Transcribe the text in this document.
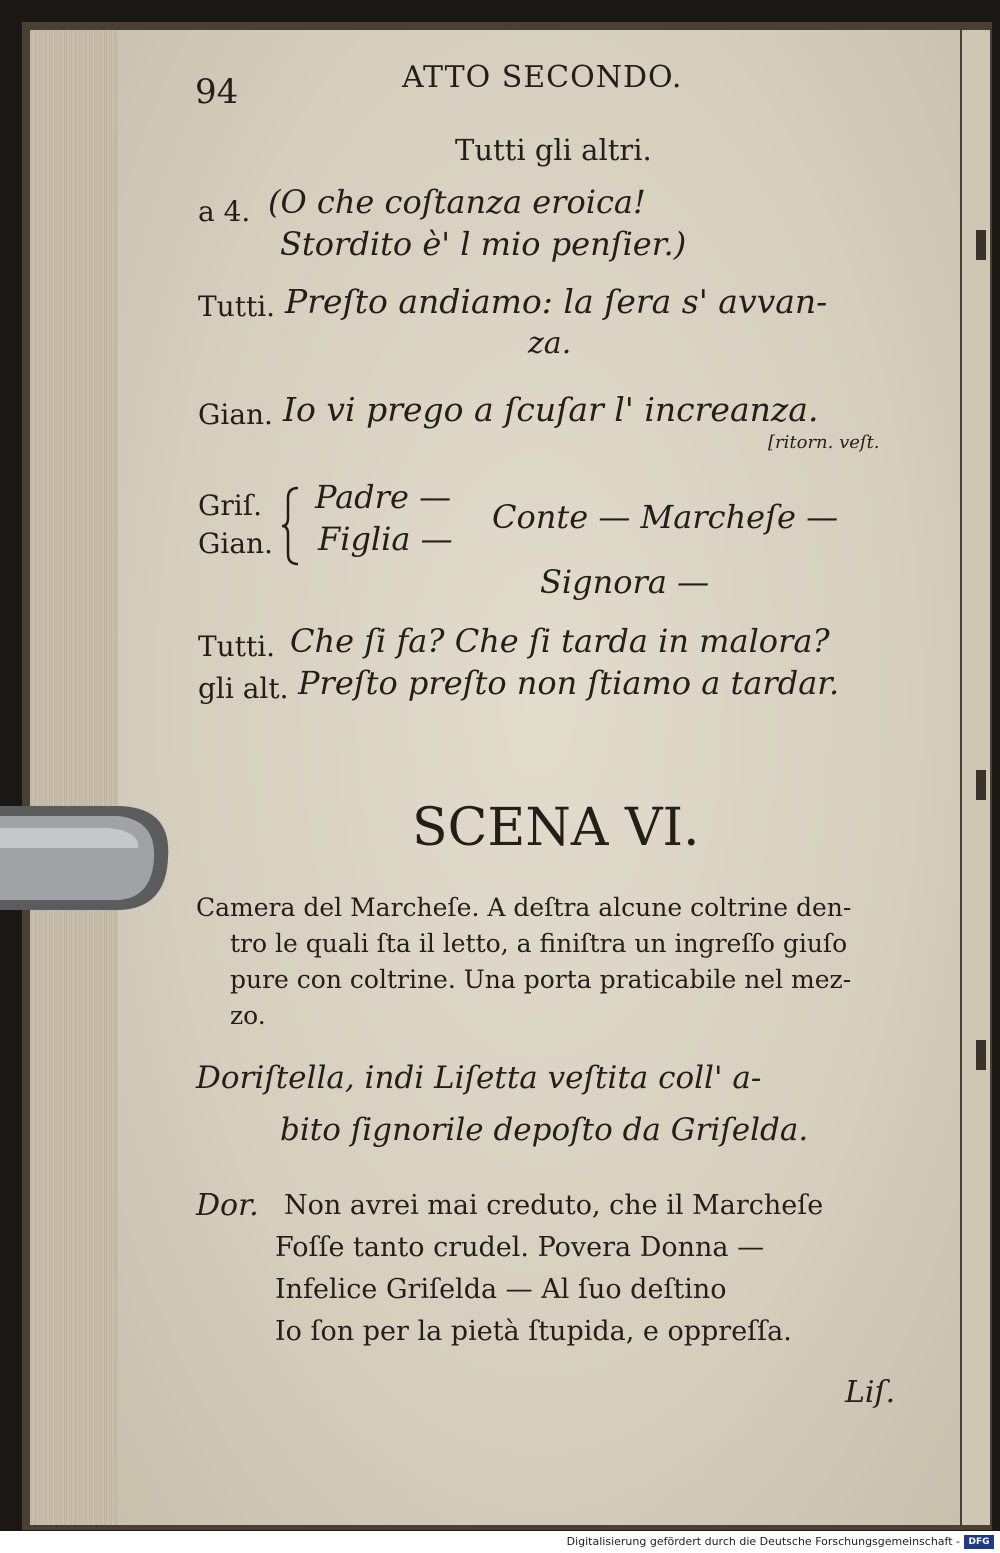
94	ATTO SECONDO.
Tutti gli altri.
a 4. (O che coſtanza eroica!
Stordito è' l mio penſier.)
Tutti. Preſto andiamo: la ſera s' avvan-
za.
Gian. Io vi prego a ſcuſar l' increanza.
[ritorn. veſt.
Griſ.
Gian.
Padre —
Figlia —
Conte — Marcheſe —
Signora —
Tutti. Che ſi fa? Che ſi tarda in malora?
gli alt. Preſto preſto non ſtiamo a tardar.
SCENA VI.
Camera del Marcheſe. A deſtra alcune coltrine den-
tro le quali ſta il letto, a finiſtra un ingreſſo giuſo
pure con coltrine. Una porta praticabile nel mez-
zo.
Doriſtella, indi Liſetta veſtita coll' a-
bito ſignorile depoſto da Griſelda.
Dor. Non avrei mai creduto, che il Marcheſe
Foſſe tanto crudel. Povera Donna —
Infelice Griſelda — Al ſuo deſtino
Io ſon per la pietà ſtupida, e oppreſſa.
Liſ.
Digitalisierung gefördert durch die Deutsche Forschungsgemeinschaft - DFG
